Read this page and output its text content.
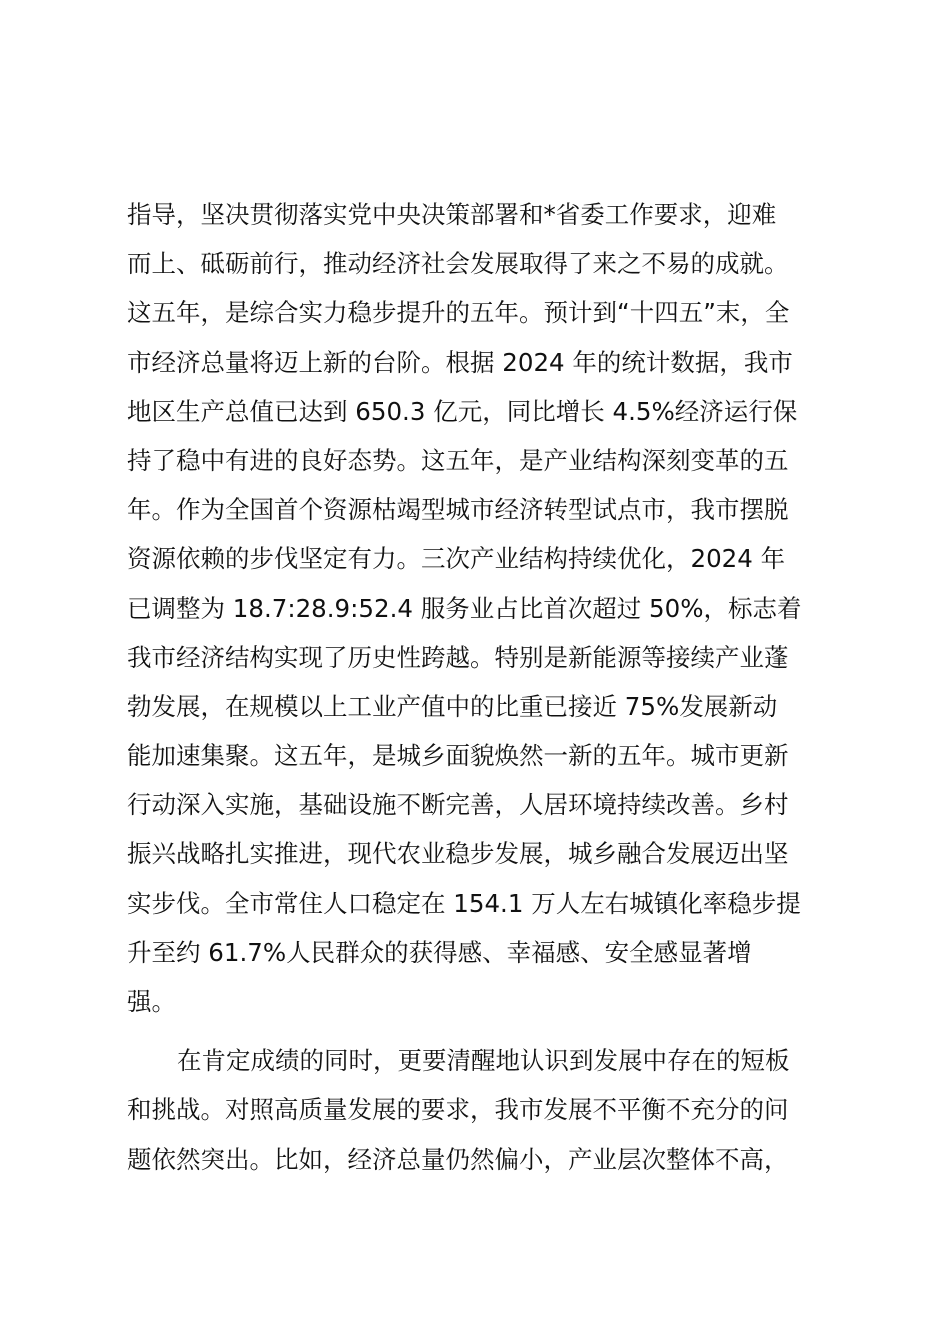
指导，坚决贯彻落实党中央决策部署和*省委工作要求，迎难
而上、砥砺前行，推动经济社会发展取得了来之不易的成就。
这五年，是综合实力稳步提升的五年。预计到“十四五”末，全
市经济总量将迈上新的台阶。根据 2024 年的统计数据，我市
地区生产总值已达到 650.3 亿元，同比增长 4.5%经济运行保
持了稳中有进的良好态势。这五年，是产业结构深刻变革的五
年。作为全国首个资源枯竭型城市经济转型试点市，我市摆脱
资源依赖的步伐坚定有力。三次产业结构持续优化，2024 年
已调整为 18.7:28.9:52.4 服务业占比首次超过 50%，标志着
我市经济结构实现了历史性跨越。特别是新能源等接续产业蓬
勃发展，在规模以上工业产值中的比重已接近 75%发展新动
能加速集聚。这五年，是城乡面貌焕然一新的五年。城市更新
行动深入实施，基础设施不断完善，人居环境持续改善。乡村
振兴战略扎实推进，现代农业稳步发展，城乡融合发展迈出坚
实步伐。全市常住人口稳定在 154.1 万人左右城镇化率稳步提
升至约 61.7%人民群众的获得感、幸福感、安全感显著增
强。
在肯定成绩的同时，更要清醒地认识到发展中存在的短板
和挑战。对照高质量发展的要求，我市发展不平衡不充分的问
题依然突出。比如，经济总量仍然偏小，产业层次整体不高，
